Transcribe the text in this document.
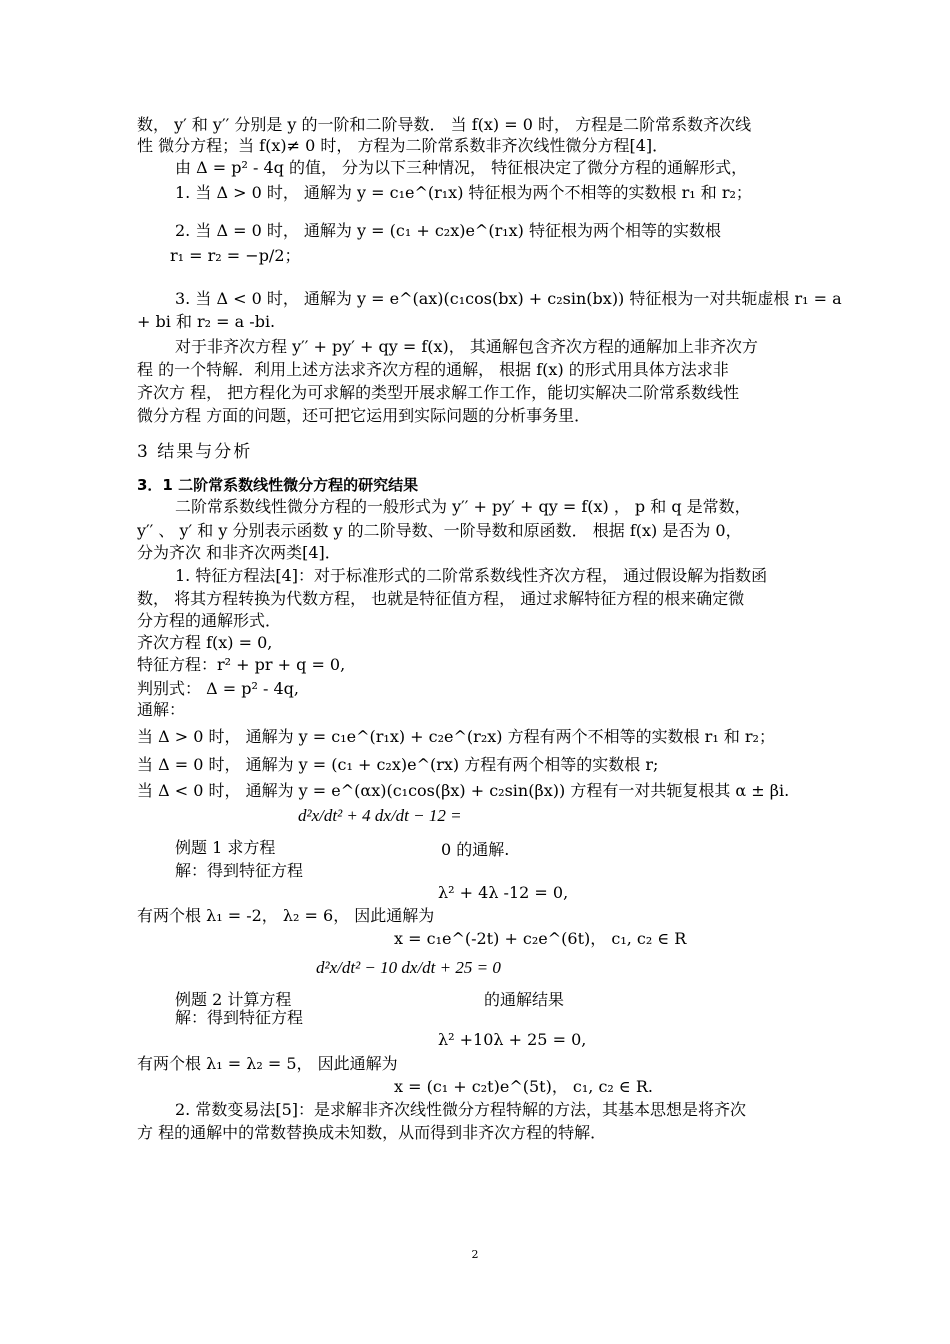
数， y′ 和 y′′ 分别是 y 的一阶和二阶导数． 当 f(x) = 0 时， 方程是二阶常系数齐次线
性 微分方程；当 f(x)≠ 0 时， 方程为二阶常系数非齐次线性微分方程[4]．
由 Δ = p² - 4q 的值， 分为以下三种情况， 特征根决定了微分方程的通解形式，
1. 当 Δ > 0 时， 通解为 y = c₁e^(r₁x) 特征根为两个不相等的实数根 r₁ 和 r₂；
2. 当 Δ = 0 时， 通解为 y = (c₁ + c₂x)e^(r₁x) 特征根为两个相等的实数根
r₁ = r₂ = −p/2；
3. 当 Δ < 0 时， 通解为 y = e^(ax)(c₁cos(bx) + c₂sin(bx)) 特征根为一对共轭虚根 r₁ = a
+ bi 和 r₂ = a -bi.
对于非齐次方程 y′′ + py′ + qy = f(x)， 其通解包含齐次方程的通解加上非齐次方
程 的一个特解．利用上述方法求齐次方程的通解， 根据 f(x) 的形式用具体方法求非
齐次方 程， 把方程化为可求解的类型开展求解工作工作，能切实解决二阶常系数线性
微分方程 方面的问题，还可把它运用到实际问题的分析事务里．
3 结果与分析
3．1 二阶常系数线性微分方程的研究结果
二阶常系数线性微分方程的一般形式为 y′′ + py′ + qy = f(x) ， p 和 q 是常数，
y′′ 、 y′ 和 y 分别表示函数 y 的二阶导数、一阶导数和原函数． 根据 f(x) 是否为 0，
分为齐次 和非齐次两类[4]．
1. 特征方程法[4]：对于标准形式的二阶常系数线性齐次方程， 通过假设解为指数函
数， 将其方程转换为代数方程， 也就是特征值方程， 通过求解特征方程的根来确定微
分方程的通解形式．
齐次方程 f(x) = 0,
特征方程：r² + pr + q = 0,
判别式： Δ = p² - 4q,
通解：
当 Δ > 0 时， 通解为 y = c₁e^(r₁x) + c₂e^(r₂x) 方程有两个不相等的实数根 r₁ 和 r₂；
当 Δ = 0 时， 通解为 y = (c₁ + c₂x)e^(rx) 方程有两个相等的实数根 r;
当 Δ < 0 时， 通解为 y = e^(αx)(c₁cos(βx) + c₂sin(βx)) 方程有一对共轭复根其 α ± βi.
d²x/dt² + 4 dx/dt − 12 =
例题 1 求方程	0 的通解.
解：得到特征方程
λ² + 4λ -12 = 0,
有两个根 λ₁ = -2， λ₂ = 6， 因此通解为
x = c₁e^(-2t) + c₂e^(6t)， c₁, c₂ ∈ R
d²x/dt² − 10 dx/dt + 25 = 0
例题 2 计算方程	的通解结果
解：得到特征方程
λ² +10λ + 25 = 0,
有两个根 λ₁ = λ₂ = 5， 因此通解为
x = (c₁ + c₂t)e^(5t)， c₁, c₂ ∈ R.
2. 常数变易法[5]：是求解非齐次线性微分方程特解的方法，其基本思想是将齐次
方 程的通解中的常数替换成未知数，从而得到非齐次方程的特解．
2
